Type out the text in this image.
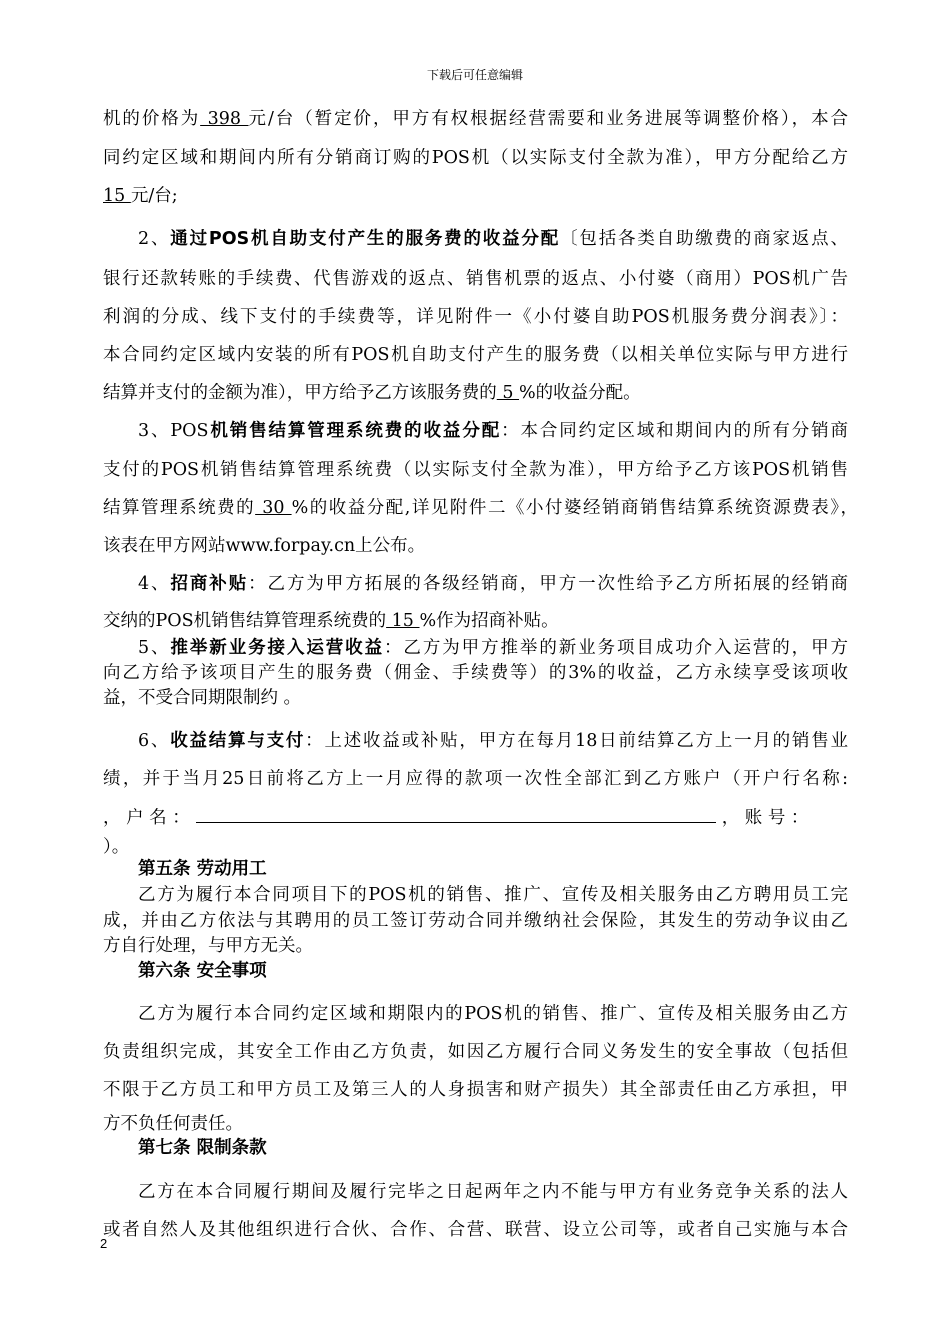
下载后可任意编辑
机的价格为 398 元/台（暂定价，甲方有权根据经营需要和业务进展等调整价格），本合
同约定区域和期间内所有分销商订购的POS机（以实际支付全款为准），甲方分配给乙方
15 元/台;
2、通过POS机自助支付产生的服务费的收益分配〔包括各类自助缴费的商家返点、
银行还款转账的手续费、代售游戏的返点、销售机票的返点、小付婆（商用）POS机广告
利润的分成、线下支付的手续费等，详见附件一《小付婆自助POS机服务费分润表》〕：
本合同约定区域内安装的所有POS机自助支付产生的服务费（以相关单位实际与甲方进行
结算并支付的金额为准），甲方给予乙方该服务费的 5 %的收益分配。
3、POS机销售结算管理系统费的收益分配：本合同约定区域和期间内的所有分销商
支付的POS机销售结算管理系统费（以实际支付全款为准），甲方给予乙方该POS机销售
结算管理系统费的 30 %的收益分配,详见附件二《小付婆经销商销售结算系统资源费表》，
该表在甲方网站www.forpay.cn上公布。
4、招商补贴：乙方为甲方拓展的各级经销商，甲方一次性给予乙方所拓展的经销商
交纳的POS机销售结算管理系统费的 15 %作为招商补贴。
5、推举新业务接入运营收益：乙方为甲方推举的新业务项目成功介入运营的，甲方
向乙方给予该项目产生的服务费（佣金、手续费等）的3%的收益，乙方永续享受该项收
益，不受合同期限制约 。
6、收益结算与支付：上述收益或补贴，甲方在每月18日前结算乙方上一月的销售业
绩，并于当月25日前将乙方上一月应得的款项一次性全部汇到乙方账户（开户行名称:
， 户 名 ：	， 账 号 ：
）。
第五条 劳动用工
乙方为履行本合同项目下的POS机的销售、推广、宣传及相关服务由乙方聘用员工完
成，并由乙方依法与其聘用的员工签订劳动合同并缴纳社会保险，其发生的劳动争议由乙
方自行处理，与甲方无关。
第六条 安全事项
乙方为履行本合同约定区域和期限内的POS机的销售、推广、宣传及相关服务由乙方
负责组织完成，其安全工作由乙方负责，如因乙方履行合同义务发生的安全事故（包括但
不限于乙方员工和甲方员工及第三人的人身损害和财产损失）其全部责任由乙方承担，甲
方不负任何责任。
第七条 限制条款
乙方在本合同履行期间及履行完毕之日起两年之内不能与甲方有业务竞争关系的法人
或者自然人及其他组织进行合伙、合作、合营、联营、设立公司等，或者自己实施与本合
2
